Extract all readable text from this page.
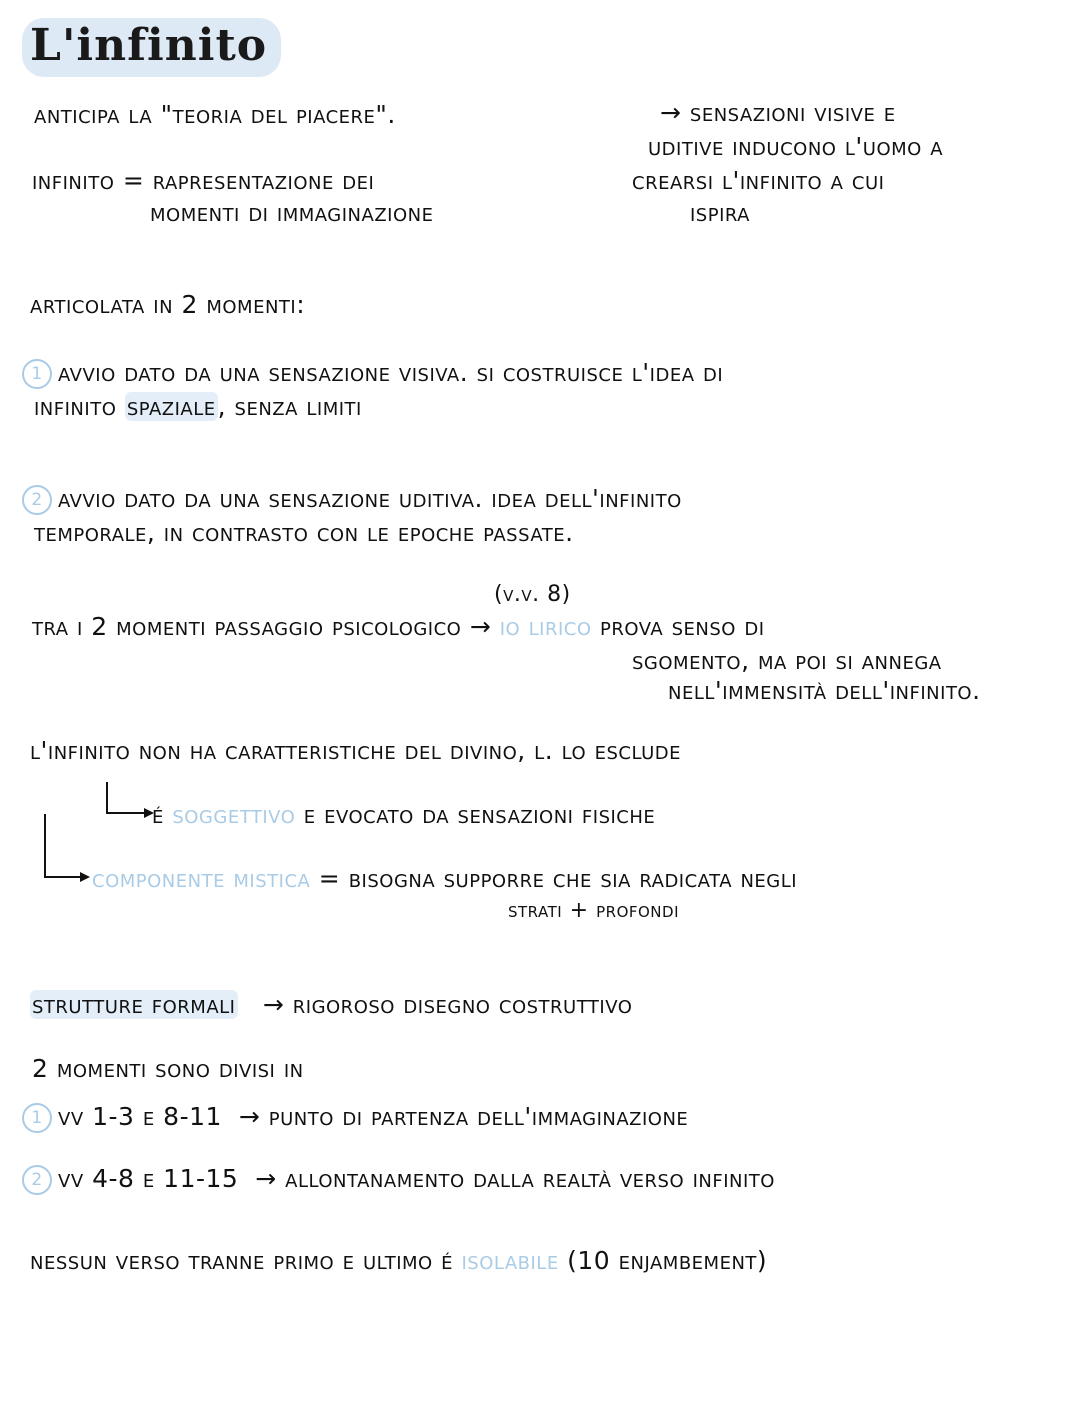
L'infinito
anticipa la "teoria del piacere".	→ sensazioni visive e
uditive inducono l'uomo a
crearsi l'infinito a cui
ispira
infinito = rapresentazione dei
momenti di immaginazione
articolata in 2 momenti:
1 avvio dato da una sensazione visiva. si costruisce l'idea di
infinito spaziale, senza limiti
2 avvio dato da una sensazione uditiva. idea dell'infinito
temporale, in contrasto con le epoche passate.
(v.v. 8)
tra i 2 momenti passaggio psicologico → io lirico prova senso di
sgomento, ma poi si annega
nell'immensità dell'infinito.
l'infinito non ha caratteristiche del divino, l. lo esclude
é soggettivo e evocato da sensazioni fisiche
componente mistica = bisogna supporre che sia radicata negli
strati + profondi
strutture formali → rigoroso disegno costruttivo
2 momenti sono divisi in
1 vv 1-3 e 8-11 → punto di partenza dell'immaginazione
2 vv 4-8 e 11-15 → allontanamento dalla realtà verso infinito
nessun verso tranne primo e ultimo é isolabile (10 enjambement)
